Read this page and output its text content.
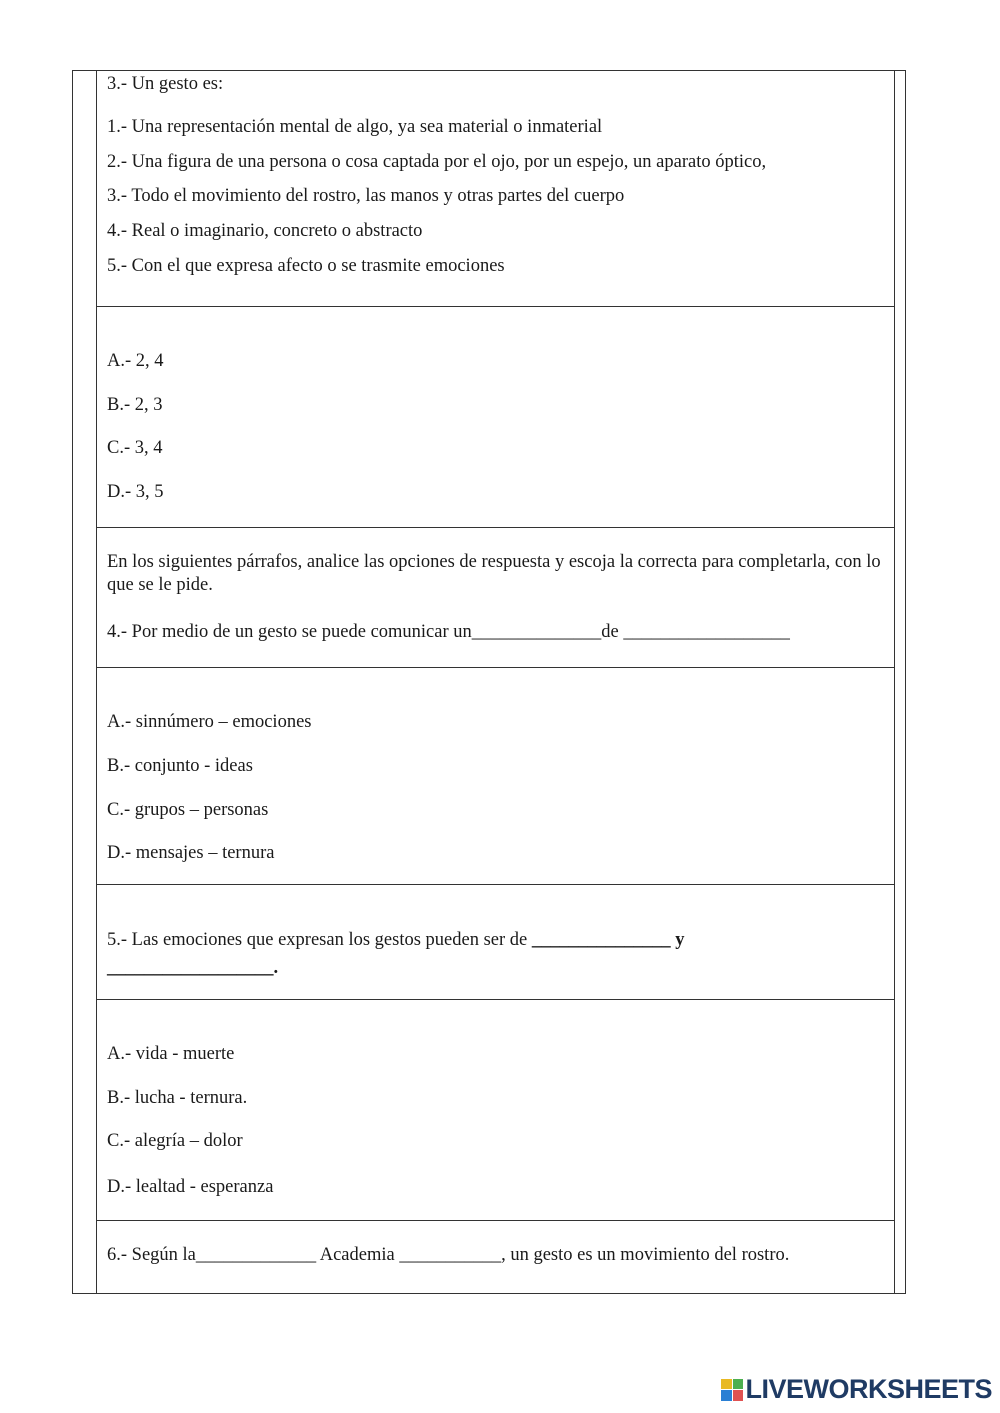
3.- Un gesto es:
1.- Una representación mental de algo, ya sea material o inmaterial
2.- Una figura de una persona o cosa captada por el ojo, por un espejo, un aparato óptico,
3.- Todo el movimiento del rostro, las manos y otras partes del cuerpo
4.- Real o imaginario, concreto o abstracto
5.- Con el que expresa afecto o se trasmite emociones
A.- 2, 4
B.- 2, 3
C.- 3, 4
D.- 3, 5
En los siguientes párrafos, analice las opciones de respuesta y escoja la correcta para completarla, con lo que se le pide.
4.- Por medio de un gesto se puede comunicar un______________de __________________
A.- sinnúmero – emociones
B.- conjunto - ideas
C.- grupos – personas
D.- mensajes – ternura
5.- Las emociones que expresan los gestos pueden ser de _______________ y
__________________.
A.- vida - muerte
B.- lucha - ternura.
C.- alegría – dolor
D.- lealtad - esperanza
6.- Según la_____________ Academia ___________, un gesto es un movimiento del rostro.
LIVEWORKSHEETS
